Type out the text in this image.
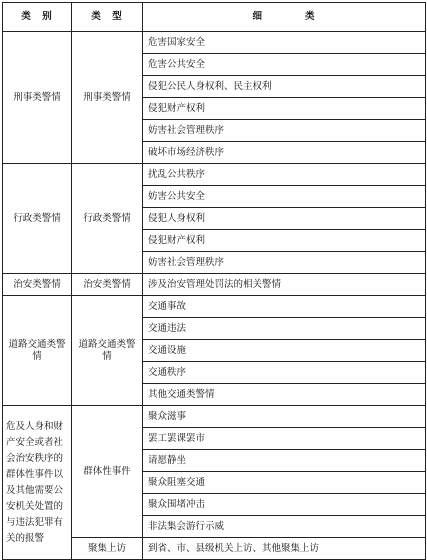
类　别	类　型	细　　　　类
刑事类警情	刑事类警情	危害国家安全
		危害公共安全
		侵犯公民人身权利、民主权利
		侵犯财产权利
		妨害社会管理秩序
		破坏市场经济秩序
行政类警情	行政类警情	扰乱公共秩序
		妨害公共安全
		侵犯人身权利
		侵犯财产权利
		妨害社会管理秩序
治安类警情	治安类警情	涉及治安管理处罚法的相关警情
道路交通类警情	道路交通类警情	交通事故
		交通违法
		交通设施
		交通秩序
		其他交通类警情
危及人身和财产安全或者社会治安秩序的群体性事件以及其他需要公安机关处置的与违法犯罪有关的报警	群体性事件	聚众滋事
		罢工罢课罢市
		请愿静坐
		聚众阻塞交通
		聚众围堵冲击
		非法集会游行示威
	聚集上访	到省、市、县级机关上访、其他聚集上访
